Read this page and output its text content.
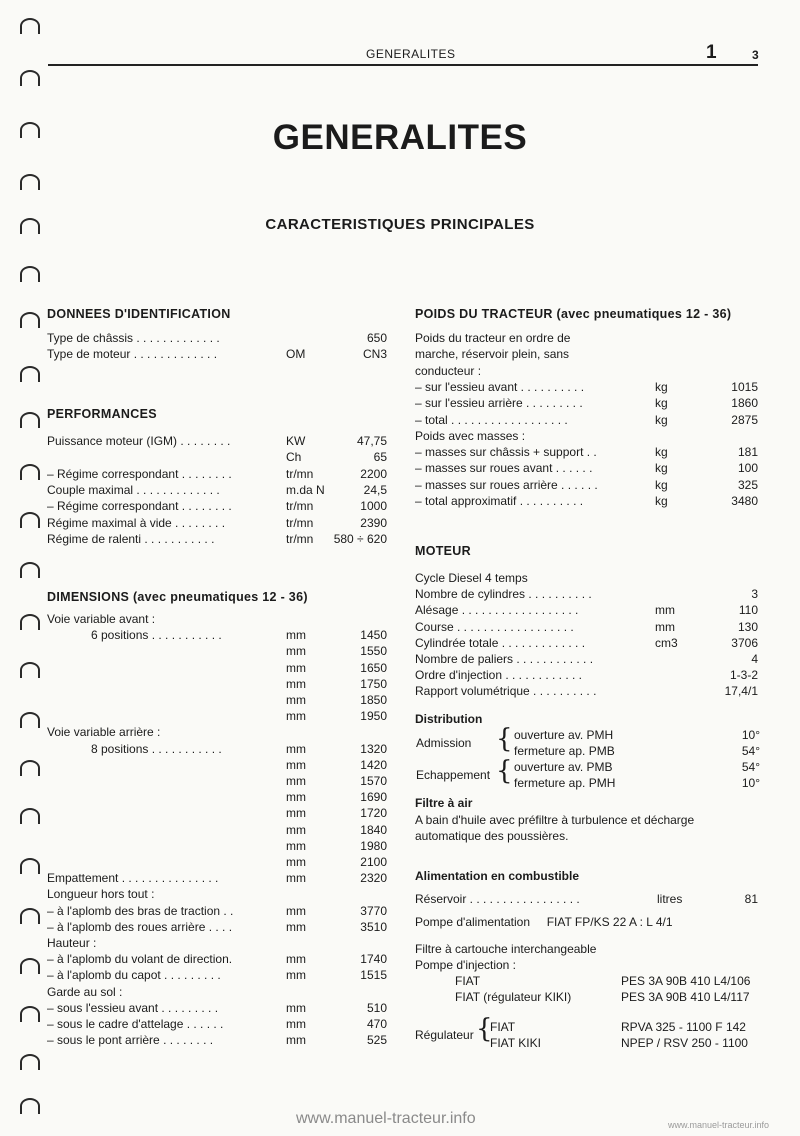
GENERALITES	1	3
GENERALITES
CARACTERISTIQUES PRINCIPALES
DONNEES D'IDENTIFICATION
Type de châssis . . . . . . . . . . . . .	650
Type de moteur . . . . . . . . . . . . .	OM	CN3
PERFORMANCES
Puissance moteur (IGM) . . . . . . . .	KW	47,75
Ch	65
– Régime correspondant . . . . . . . .	tr/mn	2200
Couple maximal . . . . . . . . . . . . .	m.da N	24,5
– Régime correspondant . . . . . . . .	tr/mn	1000
Régime maximal à vide . . . . . . . .	tr/mn	2390
Régime de ralenti . . . . . . . . . . .	tr/mn	580 ÷ 620
DIMENSIONS (avec pneumatiques 12 - 36)
Voie variable avant :
6 positions . . . . . . . . . . .	mm	1450
mm	1550
mm	1650
mm	1750
mm	1850
mm	1950
Voie variable arrière :
8 positions . . . . . . . . . . .	mm	1320
mm	1420
mm	1570
mm	1690
mm	1720
mm	1840
mm	1980
mm	2100
Empattement . . . . . . . . . . . . . . .	mm	2320
Longueur hors tout :
– à l'aplomb des bras de traction . .	mm	3770
– à l'aplomb des roues arrière . . . .	mm	3510
Hauteur :
– à l'aplomb du volant de direction.	mm	1740
– à l'aplomb du capot . . . . . . . . .	mm	1515
Garde au sol :
– sous l'essieu avant . . . . . . . . .	mm	510
– sous le cadre d'attelage . . . . . .	mm	470
– sous le pont arrière . . . . . . . .	mm	525
POIDS DU TRACTEUR (avec pneumatiques 12 - 36)
Poids du tracteur en ordre de
marche, réservoir plein, sans
conducteur :
– sur l'essieu avant . . . . . . . . . .	kg	1015
– sur l'essieu arrière . . . . . . . . .	kg	1860
– total . . . . . . . . . . . . . . . . . .	kg	2875
Poids avec masses :
– masses sur châssis + support . .	kg	181
– masses sur roues avant . . . . . .	kg	100
– masses sur roues arrière . . . . . .	kg	325
– total approximatif . . . . . . . . . .	kg	3480
MOTEUR
Cycle Diesel 4 temps
Nombre de cylindres . . . . . . . . . .	3
Alésage . . . . . . . . . . . . . . . . . .	mm	110
Course . . . . . . . . . . . . . . . . . .	mm	130
Cylindrée totale . . . . . . . . . . . . .	cm3	3706
Nombre de paliers . . . . . . . . . . . .	4
Ordre d'injection . . . . . . . . . . . .	1-3-2
Rapport volumétrique . . . . . . . . . .	17,4/1
Distribution
Admission { ouverture av. PMH	10°
fermeture ap. PMB	54°
Echappement { ouverture av. PMB	54°
fermeture ap. PMH	10°
Filtre à air
A bain d'huile avec préfiltre à turbulence et décharge
automatique des poussières.
Alimentation en combustible
Réservoir . . . . . . . . . . . . . . . . .	litres	81
Pompe d'alimentation     FIAT FP/KS 22 A : L 4/1
Filtre à cartouche interchangeable
Pompe d'injection :
FIAT	PES 3A 90B 410 L4/106
FIAT (régulateur KIKI)	PES 3A 90B 410 L4/117
Régulateur {
FIAT	RPVA 325 - 1100 F 142
FIAT KIKI	NPEP / RSV 250 - 1100
www.manuel-tracteur.info	www.manuel-tracteur.info
